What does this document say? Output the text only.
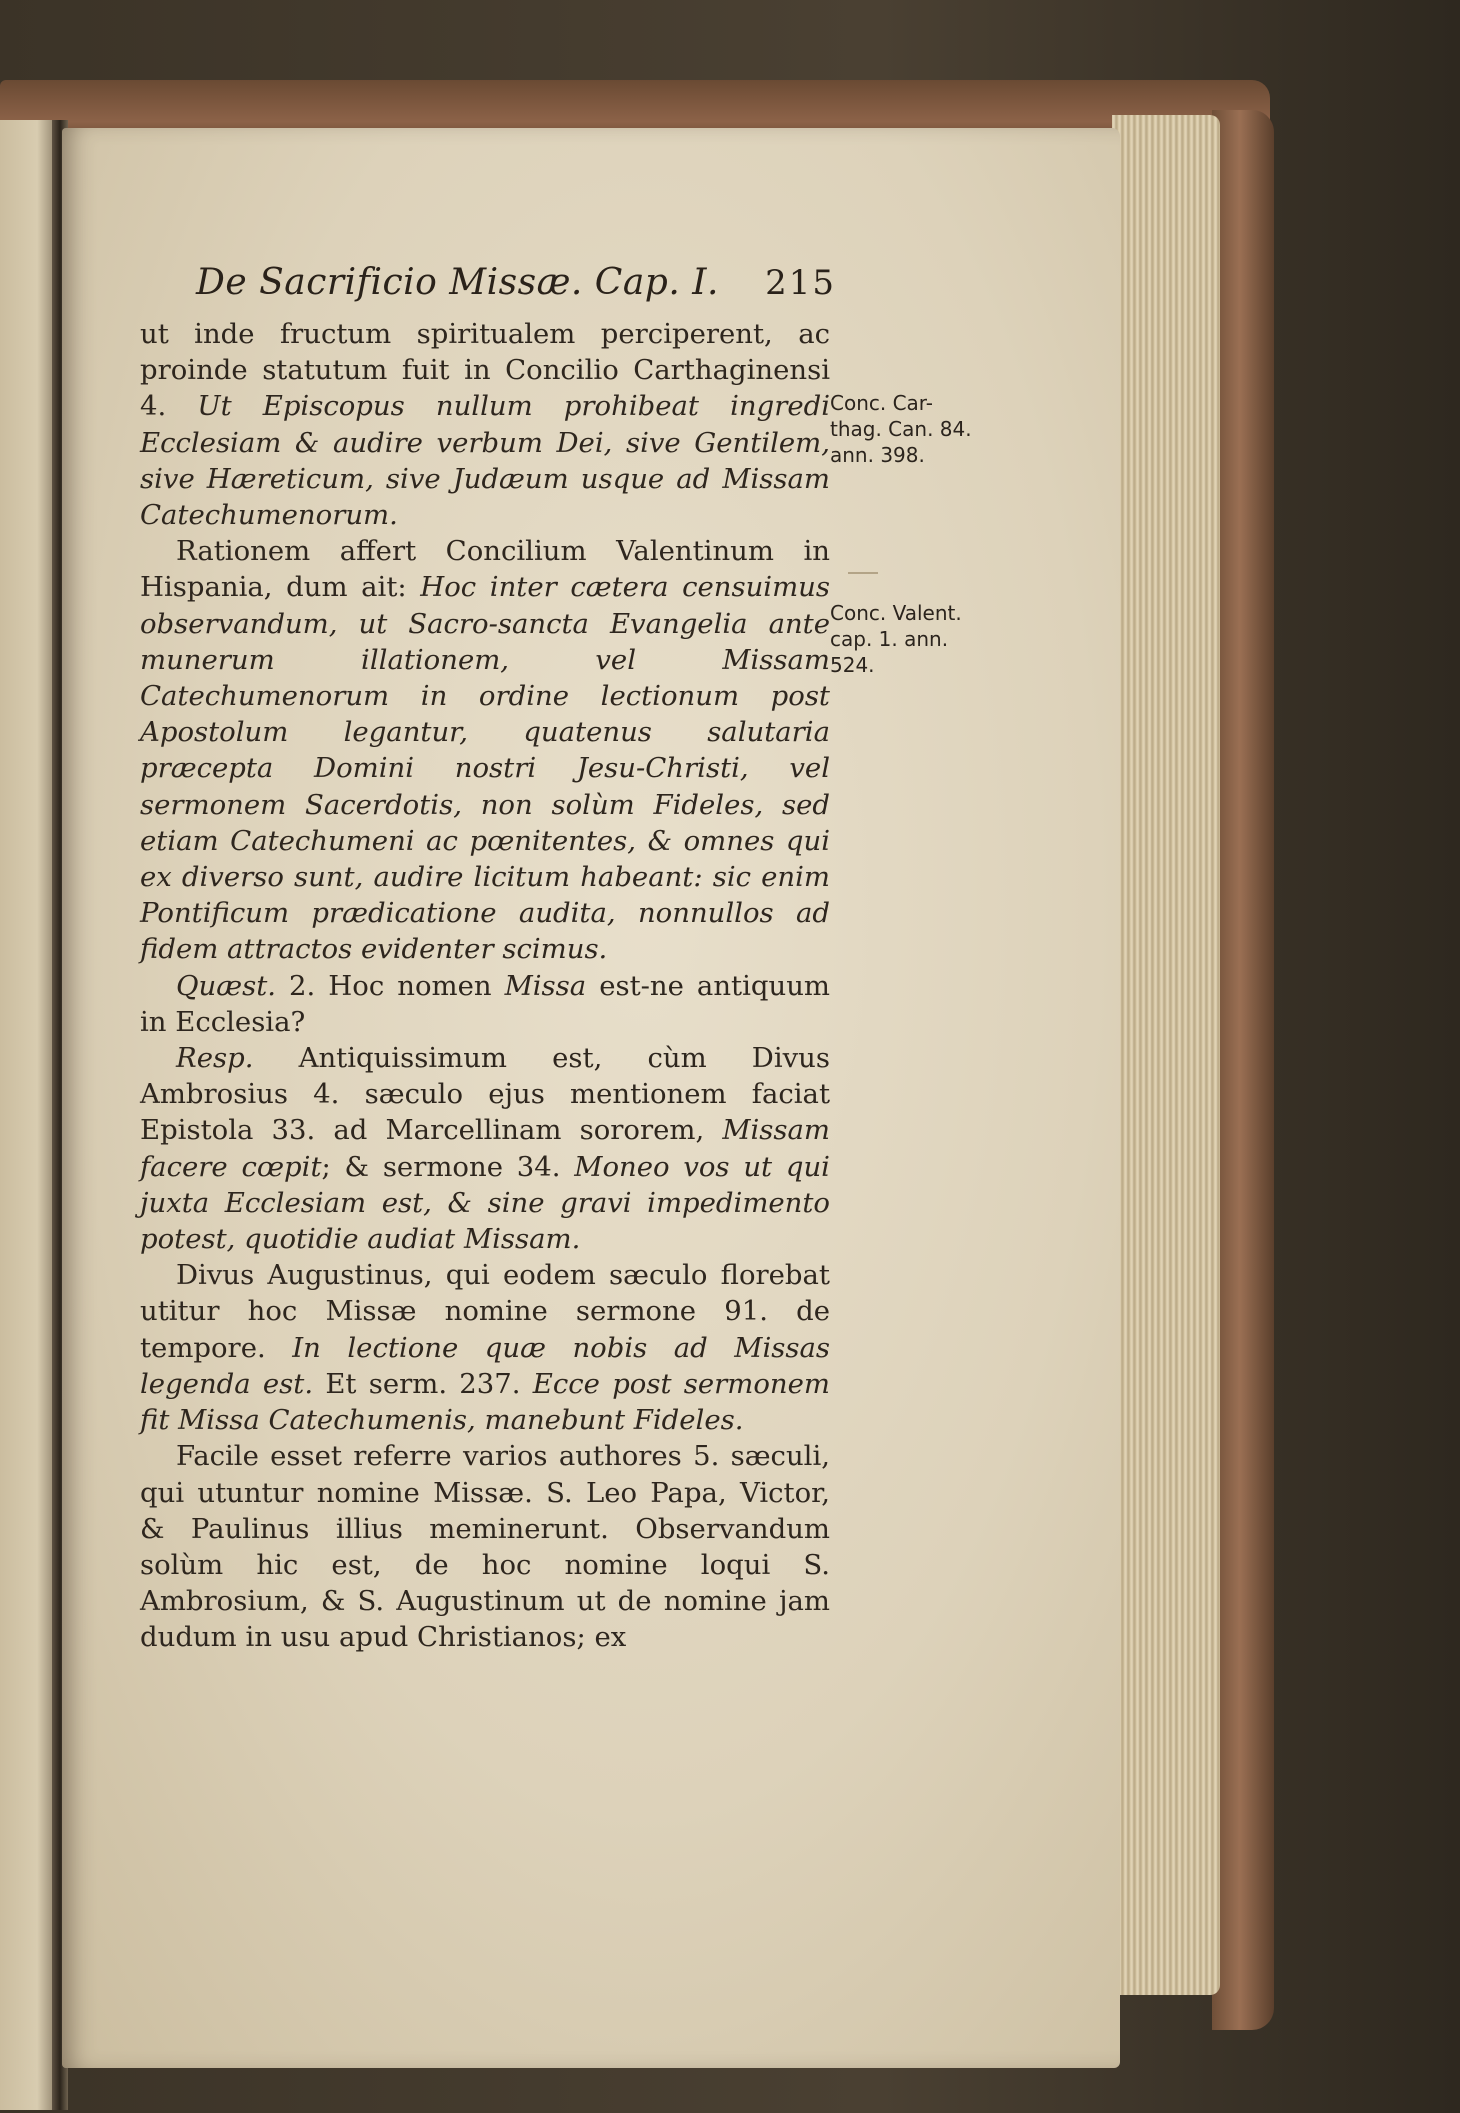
De Sacrificio Missæ. Cap. I. 215

ut inde fructum spiritualem perciperent, ac proinde statutum fuit in Concilio Carthaginensi 4. Ut Episcopus nullum prohibeat ingredi Ecclesiam & audire verbum Dei, sive Gentilem, sive Hæreticum, sive Judæum usque ad Missam Catechumenorum.

Rationem affert Concilium Valentinum in Hispania, dum ait: Hoc inter cætera censuimus observandum, ut Sacro-sancta Evangelia ante munerum illationem, vel Missam Catechumenorum in ordine lectionum post Apostolum legantur, quatenus salutaria præcepta Domini nostri Jesu-Christi, vel sermonem Sacerdotis, non solùm Fideles, sed etiam Catechumeni ac pœnitentes, & omnes qui ex diverso sunt, audire licitum habeant: sic enim Pontificum prædicatione audita, nonnullos ad fidem attractos evidenter scimus.

Quæst. 2. Hoc nomen Missa est-ne antiquum in Ecclesia?

Resp. Antiquissimum est, cùm Divus Ambrosius 4. sæculo ejus mentionem faciat Epistola 33. ad Marcellinam sororem, Missam facere cœpit; & sermone 34. Moneo vos ut qui juxta Ecclesiam est, & sine gravi impedimento potest, quotidie audiat Missam.

Divus Augustinus, qui eodem sæculo florebat utitur hoc Missæ nomine sermone 91. de tempore. In lectione quæ nobis ad Missas legenda est. Et serm. 237. Ecce post sermonem fit Missa Catechumenis, manebunt Fideles.

Facile esset referre varios authores 5. sæculi, qui utuntur nomine Missæ. S. Leo Papa, Victor, & Paulinus illius meminerunt. Observandum solùm hic est, de hoc nomine loqui S. Ambrosium, & S. Augustinum ut de nomine jam dudum in usu apud Christianos; ex

Conc. Car-
thag. Can. 84.
ann. 398.
Conc. Valent.
cap. 1. ann.
524.
